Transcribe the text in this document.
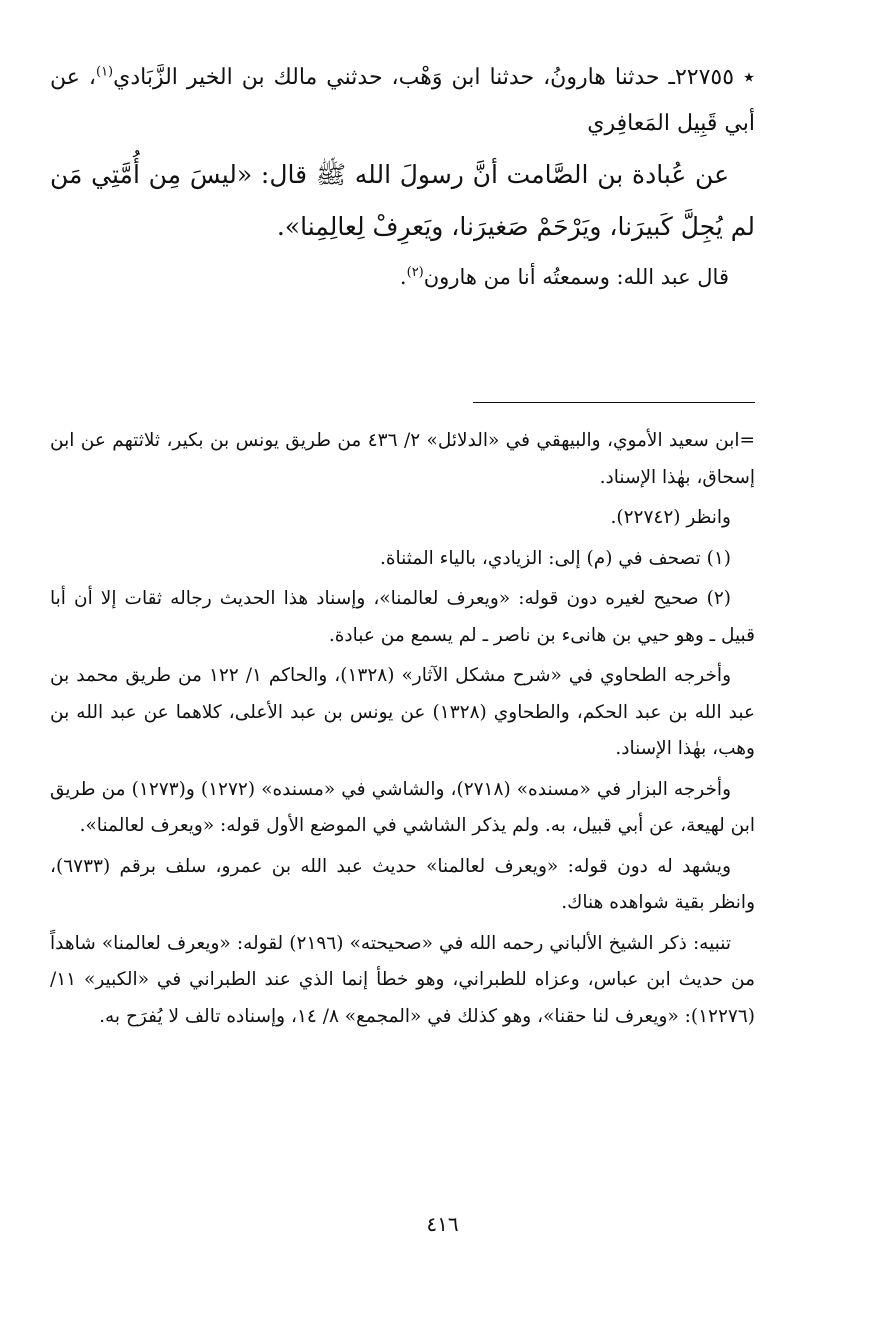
٭ ٢٢٧٥٥ـ حدثنا هارونُ، حدثنا ابن وَهْب، حدثني مالك بن الخير الزَّبَادي$^{(١)}$، عن أبي قَبِيل المَعافِري

عن عُبادة بن الصَّامت أنَّ رسولَ الله ﷺ قال: «ليسَ مِن أُمَّتِي مَن لم يُجِلَّ كَبيرَنا، ويَرْحَمْ صَغيرَنا، ويَعرِفْ لِعالِمِنا».

قال عبد الله: وسمعتُه أنا من هارون$^{(٢)}$.

=ابن سعيد الأموي، والبيهقي في «الدلائل» ٢/ ٤٣٦ من طريق يونس بن بكير، ثلاثتهم عن ابن إسحاق، بهٰذا الإسناد.

وانظر (٢٢٧٤٢).

(١) تصحف في (م) إلى: الزيادي، بالياء المثناة.

(٢) صحيح لغيره دون قوله: «ويعرف لعالمنا»، وإسناد هذا الحديث رجاله ثقات إلا أن أبا قبيل ـ وهو حيي بن هانىء بن ناصر ـ لم يسمع من عبادة.

وأخرجه الطحاوي في «شرح مشكل الآثار» (١٣٢٨)، والحاكم ١/ ١٢٢ من طريق محمد بن عبد الله بن عبد الحكم، والطحاوي (١٣٢٨) عن يونس بن عبد الأعلى، كلاهما عن عبد الله بن وهب، بهٰذا الإسناد.

وأخرجه البزار في «مسنده» (٢٧١٨)، والشاشي في «مسنده» (١٢٧٢) و(١٢٧٣) من طريق ابن لهيعة، عن أبي قبيل، به. ولم يذكر الشاشي في الموضع الأول قوله: «ويعرف لعالمنا».

ويشهد له دون قوله: «ويعرف لعالمنا» حديث عبد الله بن عمرو، سلف برقم (٦٧٣٣)، وانظر بقية شواهده هناك.

تنبيه: ذكر الشيخ الألباني رحمه الله في «صحيحته» (٢١٩٦) لقوله: «ويعرف لعالمنا» شاهداً من حديث ابن عباس، وعزاه للطبراني، وهو خطأ إنما الذي عند الطبراني في «الكبير» ١١/ (١٢٢٧٦): «ويعرف لنا حقنا»، وهو كذلك في «المجمع» ٨/ ١٤، وإسناده تالف لا يُفرَح به.

٤١٦
